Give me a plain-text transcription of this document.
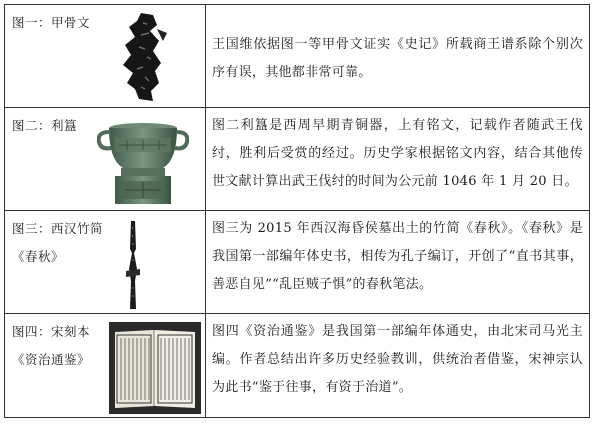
图一：甲骨文	王国维依据图一等甲骨文证实《史记》所载商王谱系除个别次序有误，其他都非常可靠。

图二：利簋	图二利簋是西周早期青铜器，上有铭文，记载作者随武王伐纣，胜利后受赏的经过。历史学家根据铭文内容，结合其他传世文献计算出武王伐纣的时间为公元前 1046 年 1 月 20 日。

图三：西汉竹简
《春秋》	图三为 2015 年西汉海昏侯墓出土的竹简《春秋》。《春秋》是我国第一部编年体史书，相传为孔子编订，开创了“直书其事，善恶自见”“乱臣贼子惧”的春秋笔法。

图四：宋刻本
《资治通鉴》	图四《资治通鉴》是我国第一部编年体通史，由北宋司马光主编。作者总结出许多历史经验教训，供统治者借鉴，宋神宗认为此书“鉴于往事，有资于治道”。
